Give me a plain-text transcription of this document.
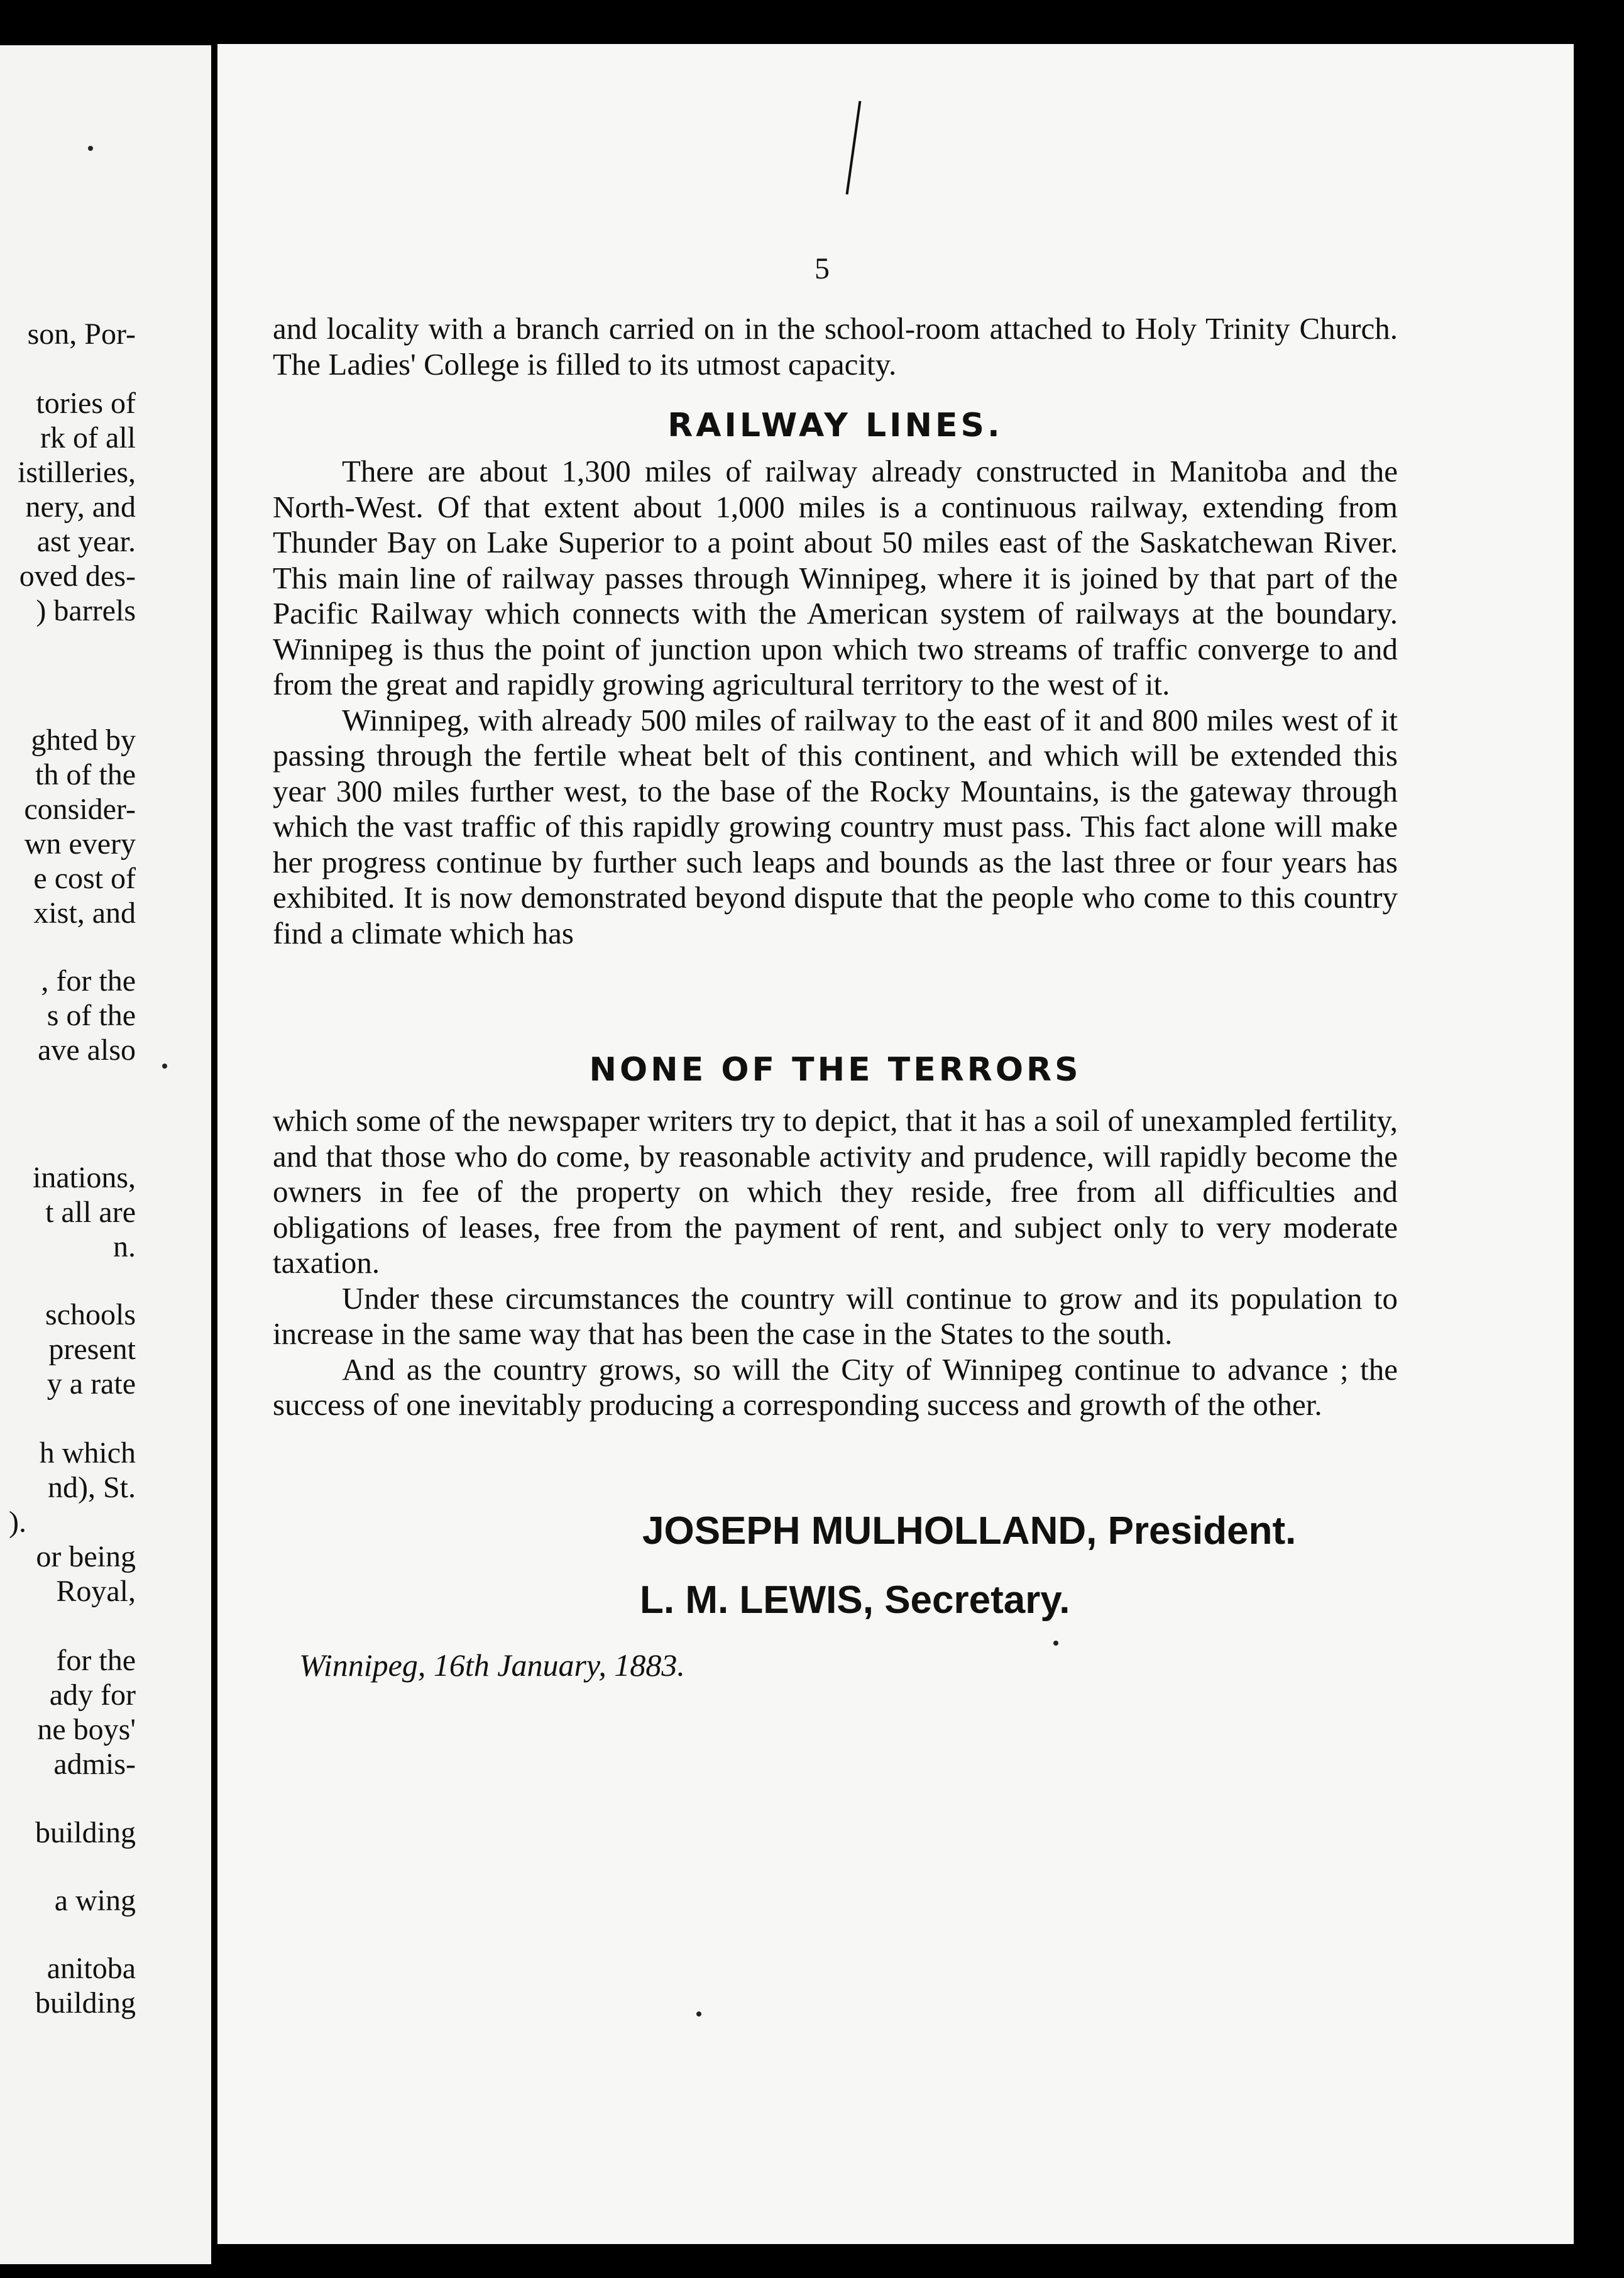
son, Por-
tories of
rk of all
istilleries,
nery, and
ast year.
oved des-
) barrels
ghted by
th of the
consider-
wn every
e cost of
xist, and
, for the
s of the
ave also
inations,
t all are
n.
schools
present
y a rate
h which
nd), St.
).
or being
Royal,
for the
ady for
ne boys'
admis-
building
a wing
anitoba
building
5

and locality with a branch carried on in the school-room attached to Holy Trinity Church. The Ladies' College is filled to its utmost capacity.

RAILWAY LINES.

There are about 1,300 miles of railway already constructed in Manitoba and the North-West. Of that extent about 1,000 miles is a continuous railway, extending from Thunder Bay on Lake Superior to a point about 50 miles east of the Saskatchewan River. This main line of railway passes through Winnipeg, where it is joined by that part of the Pacific Railway which connects with the American system of railways at the boundary. Winnipeg is thus the point of junction upon which two streams of traffic converge to and from the great and rapidly growing agricultural territory to the west of it.

Winnipeg, with already 500 miles of railway to the east of it and 800 miles west of it passing through the fertile wheat belt of this continent, and which will be extended this year 300 miles further west, to the base of the Rocky Mountains, is the gateway through which the vast traffic of this rapidly growing country must pass. This fact alone will make her progress continue by further such leaps and bounds as the last three or four years has exhibited. It is now demonstrated beyond dispute that the people who come to this country find a climate which has

NONE OF THE TERRORS

which some of the newspaper writers try to depict, that it has a soil of unexampled fertility, and that those who do come, by reasonable activity and prudence, will rapidly become the owners in fee of the property on which they reside, free from all difficulties and obligations of leases, free from the payment of rent, and subject only to very moderate taxation.

Under these circumstances the country will continue to grow and its population to increase in the same way that has been the case in the States to the south.

And as the country grows, so will the City of Winnipeg continue to advance ; the success of one inevitably producing a corresponding success and growth of the other.

JOSEPH MULHOLLAND, President.
L. M. LEWIS, Secretary.
Winnipeg, 16th January, 1883.
